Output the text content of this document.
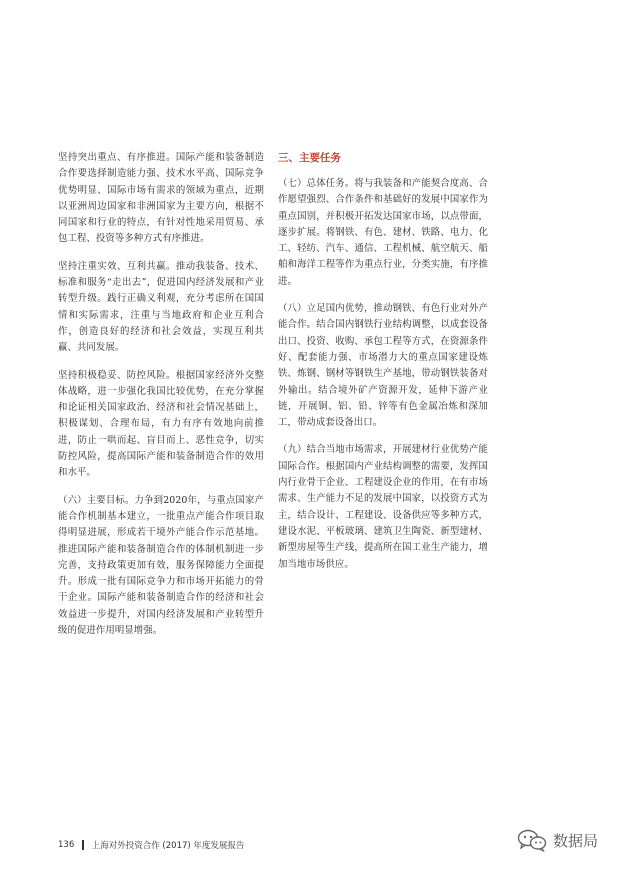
坚持突出重点、有序推进。国际产能和装备制造合作要选择制造能力强、技术水平高、国际竞争优势明显、国际市场有需求的领域为重点，近期以亚洲周边国家和非洲国家为主要方向，根据不同国家和行业的特点，有针对性地采用贸易、承包工程、投资等多种方式有序推进。

坚持注重实效、互利共赢。推动我装备、技术、标准和服务“走出去”，促进国内经济发展和产业转型升级。践行正确义利观，充分考虑所在国国情和实际需求，注重与当地政府和企业互利合作，创造良好的经济和社会效益，实现互利共赢、共同发展。

坚持积极稳妥、防控风险。根据国家经济外交整体战略，进一步强化我国比较优势，在充分掌握和论证相关国家政治、经济和社会情况基础上，积极谋划、合理布局，有力有序有效地向前推进，防止一哄而起、盲目而上、恶性竞争，切实防控风险，提高国际产能和装备制造合作的效用和水平。

（六）主要目标。力争到2020年，与重点国家产能合作机制基本建立，一批重点产能合作项目取得明显进展，形成若干境外产能合作示范基地。推进国际产能和装备制造合作的体制机制进一步完善，支持政策更加有效，服务保障能力全面提升。形成一批有国际竞争力和市场开拓能力的骨干企业。国际产能和装备制造合作的经济和社会效益进一步提升，对国内经济发展和产业转型升级的促进作用明显增强。

三、主要任务

（七）总体任务。将与我装备和产能契合度高、合作愿望强烈、合作条件和基础好的发展中国家作为重点国别，并积极开拓发达国家市场，以点带面，逐步扩展。将钢铁、有色、建材、铁路、电力、化工、轻纺、汽车、通信、工程机械、航空航天、船舶和海洋工程等作为重点行业，分类实施，有序推进。

（八）立足国内优势，推动钢铁、有色行业对外产能合作。结合国内钢铁行业结构调整，以成套设备出口、投资、收购、承包工程等方式，在资源条件好、配套能力强、市场潜力大的重点国家建设炼铁、炼钢、钢材等钢铁生产基地，带动钢铁装备对外输出。结合境外矿产资源开发，延伸下游产业链，开展铜、铝、铅、锌等有色金属冶炼和深加工，带动成套设备出口。

（九）结合当地市场需求，开展建材行业优势产能国际合作。根据国内产业结构调整的需要，发挥国内行业骨干企业、工程建设企业的作用，在有市场需求、生产能力不足的发展中国家，以投资方式为主，结合设计、工程建设、设备供应等多种方式，建设水泥、平板玻璃、建筑卫生陶瓷、新型建材、新型房屋等生产线，提高所在国工业生产能力，增加当地市场供应。

136 上海对外投资合作 (2017) 年度发展报告	数据局
